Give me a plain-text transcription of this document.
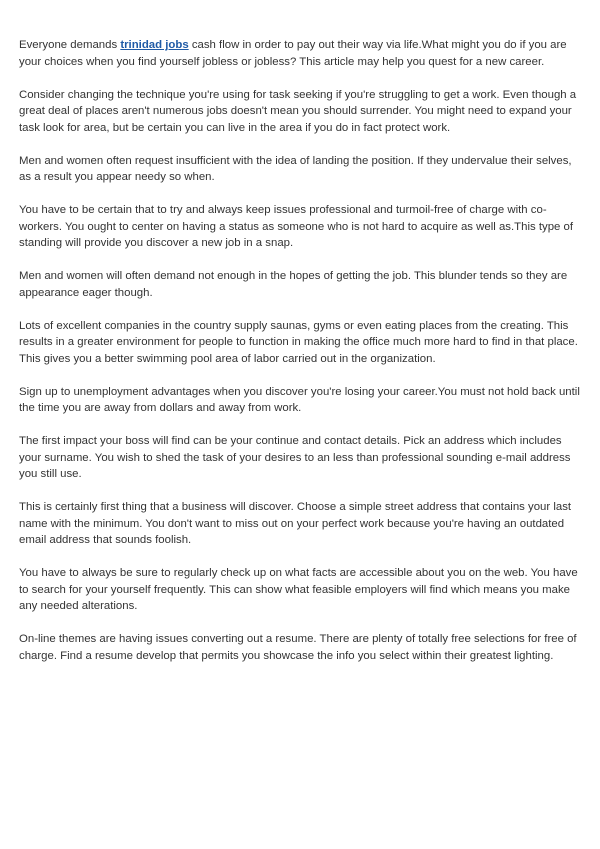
Everyone demands trinidad jobs cash flow in order to pay out their way via life.What might you do if you are your choices when you find yourself jobless or jobless? This article may help you quest for a new career.

Consider changing the technique you're using for task seeking if you're struggling to get a work. Even though a great deal of places aren't numerous jobs doesn't mean you should surrender. You might need to expand your task look for area, but be certain you can live in the area if you do in fact protect work.

Men and women often request insufficient with the idea of landing the position. If they undervalue their selves, as a result you appear needy so when.

You have to be certain that to try and always keep issues professional and turmoil-free of charge with co-workers. You ought to center on having a status as someone who is not hard to acquire as well as.This type of standing will provide you discover a new job in a snap.

Men and women will often demand not enough in the hopes of getting the job. This blunder tends so they are appearance eager though.

Lots of excellent companies in the country supply saunas, gyms or even eating places from the creating. This results in a greater environment for people to function in making the office much more hard to find in that place. This gives you a better swimming pool area of labor carried out in the organization.

Sign up to unemployment advantages when you discover you're losing your career.You must not hold back until the time you are away from dollars and away from work.

The first impact your boss will find can be your continue and contact details. Pick an address which includes your surname. You wish to shed the task of your desires to an less than professional sounding e-mail address you still use.

This is certainly first thing that a business will discover. Choose a simple street address that contains your last name with the minimum. You don't want to miss out on your perfect work because you're having an outdated email address that sounds foolish.

You have to always be sure to regularly check up on what facts are accessible about you on the web. You have to search for your yourself frequently. This can show what feasible employers will find which means you make any needed alterations.

On-line themes are having issues converting out a resume. There are plenty of totally free selections for free of charge. Find a resume develop that permits you showcase the info you select within their greatest lighting.
